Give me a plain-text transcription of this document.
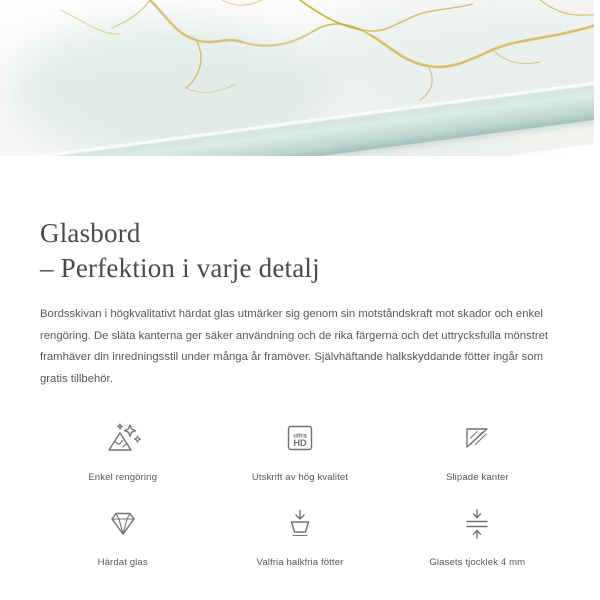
Glasbord
– Perfektion i varje detalj

Bordsskivan i högkvalitativt härdat glas utmärker sig genom sin motståndskraft mot skador och enkel rengöring. De släta kanterna ger säker användning och de rika färgerna och det uttrycksfulla mönstret framhäver din inredningsstil under många år framöver. Självhäftande halkskyddande fötter ingår som gratis tillbehör.

Enkel rengöring
ultra
HD
Utskrift av hög kvalitet	Slipade kanter
Härdat glas	Valfria halkfria fötter	Glasets tjocklek 4 mm
